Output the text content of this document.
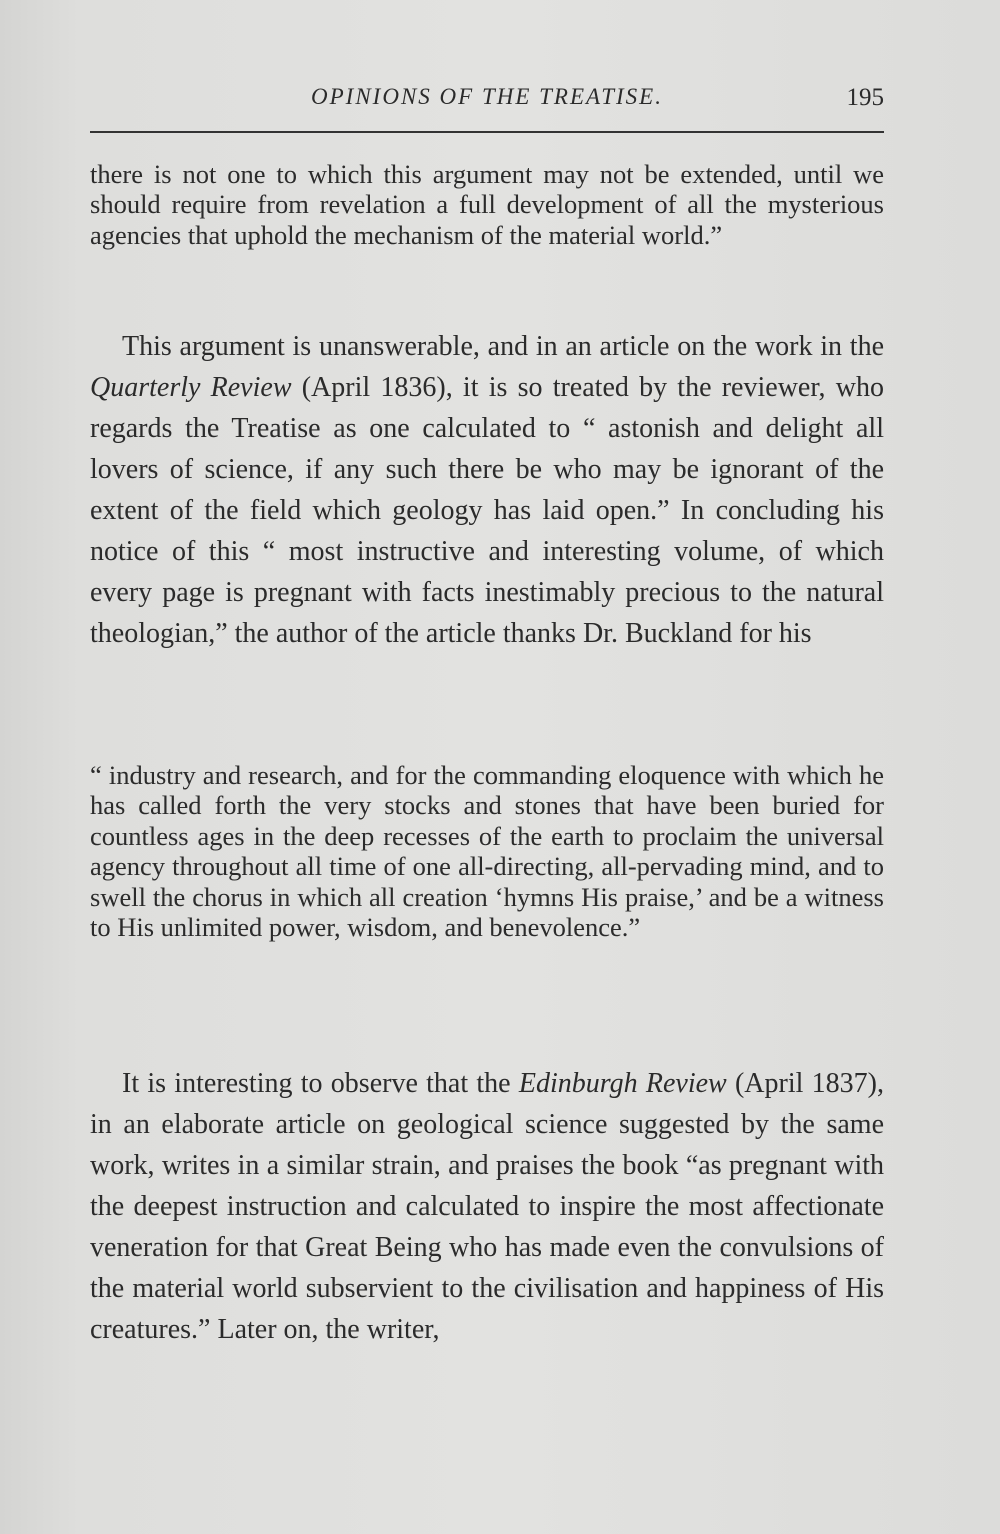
OPINIONS OF THE TREATISE.	195

there is not one to which this argument may not be extended, until we should require from revelation a full development of all the mysterious agencies that uphold the mechanism of the material world.”

This argument is unanswerable, and in an article on the work in the Quarterly Review (April 1836), it is so treated by the reviewer, who regards the Treatise as one calculated to “ astonish and delight all lovers of science, if any such there be who may be ignorant of the extent of the field which geology has laid open.” In concluding his notice of this “ most instructive and interesting volume, of which every page is pregnant with facts inestimably precious to the natural theologian,” the author of the article thanks Dr. Buckland for his

“ industry and research, and for the commanding eloquence with which he has called forth the very stocks and stones that have been buried for countless ages in the deep recesses of the earth to proclaim the universal agency throughout all time of one all-directing, all-pervading mind, and to swell the chorus in which all creation ‘hymns His praise,’ and be a witness to His unlimited power, wisdom, and benevolence.”

It is interesting to observe that the Edinburgh Review (April 1837), in an elaborate article on geological science suggested by the same work, writes in a similar strain, and praises the book “as pregnant with the deepest instruction and calculated to inspire the most affectionate veneration for that Great Being who has made even the convulsions of the material world subservient to the civilisation and happiness of His creatures.” Later on, the writer,
